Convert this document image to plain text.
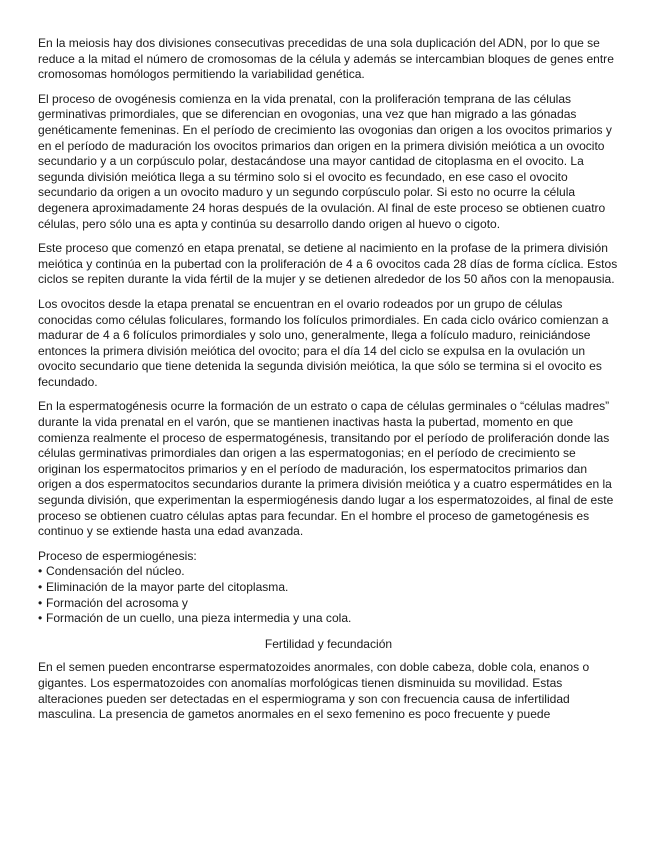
En la meiosis hay dos divisiones consecutivas precedidas de una sola duplicación del ADN, por lo que se reduce a la mitad el número de cromosomas de la célula y además se intercambian bloques de genes entre cromosomas homólogos permitiendo la variabilidad genética.

El proceso de ovogénesis comienza en la vida prenatal, con la proliferación temprana de las células germinativas primordiales, que se diferencian en ovogonias, una vez que han migrado a las gónadas genéticamente femeninas. En el período de crecimiento las ovogonias dan origen a los ovocitos primarios y en el período de maduración los ovocitos primarios dan origen en la primera división meiótica a un ovocito secundario y a un corpúsculo polar, destacándose una mayor cantidad de citoplasma en el ovocito. La segunda división meiótica llega a su término solo si el ovocito es fecundado, en ese caso el ovocito secundario da origen a un ovocito maduro y un segundo corpúsculo polar. Si esto no ocurre la célula degenera aproximadamente 24 horas después de la ovulación. Al final de este proceso se obtienen cuatro células, pero sólo una es apta y continúa su desarrollo dando origen al huevo o cigoto.

Este proceso que comenzó en etapa prenatal, se detiene al nacimiento en la profase de la primera división meiótica y continúa en la pubertad con la proliferación de 4 a 6 ovocitos cada 28 días de forma cíclica. Estos ciclos se repiten durante la vida fértil de la mujer y se detienen alrededor de los 50 años con la menopausia.

Los ovocitos desde la etapa prenatal se encuentran en el ovario rodeados por un grupo de células conocidas como células foliculares, formando los folículos primordiales. En cada ciclo ovárico comienzan a madurar de 4 a 6 folículos primordiales y solo uno, generalmente, llega a folículo maduro, reiniciándose entonces la primera división meiótica del ovocito; para el día 14 del ciclo se expulsa en la ovulación un ovocito secundario que tiene detenida la segunda división meiótica, la que sólo se termina si el ovocito es fecundado.

En la espermatogénesis ocurre la formación de un estrato o capa de células germinales o “células madres” durante la vida prenatal en el varón, que se mantienen inactivas hasta la pubertad, momento en que comienza realmente el proceso de espermatogénesis, transitando por el período de proliferación donde las células germinativas primordiales dan origen a las espermatogonias; en el período de crecimiento se originan los espermatocitos primarios y en el período de maduración, los espermatocitos primarios dan origen a dos espermatocitos secundarios durante la primera división meiótica y a cuatro espermátides en la segunda división, que experimentan la espermiogénesis dando lugar a los espermatozoides, al final de este proceso se obtienen cuatro células aptas para fecundar. En el hombre el proceso de gametogénesis es continuo y se extiende hasta una edad avanzada.

Proceso de espermiogénesis:

• Condensación del núcleo.
• Eliminación de la mayor parte del citoplasma.
• Formación del acrosoma y
• Formación de un cuello, una pieza intermedia y una cola.
Fertilidad y fecundación

En el semen pueden encontrarse espermatozoides anormales, con doble cabeza, doble cola, enanos o gigantes. Los espermatozoides con anomalías morfológicas tienen disminuida su movilidad. Estas alteraciones pueden ser detectadas en el espermiograma y son con frecuencia causa de infertilidad masculina. La presencia de gametos anormales en el sexo femenino es poco frecuente y puede
